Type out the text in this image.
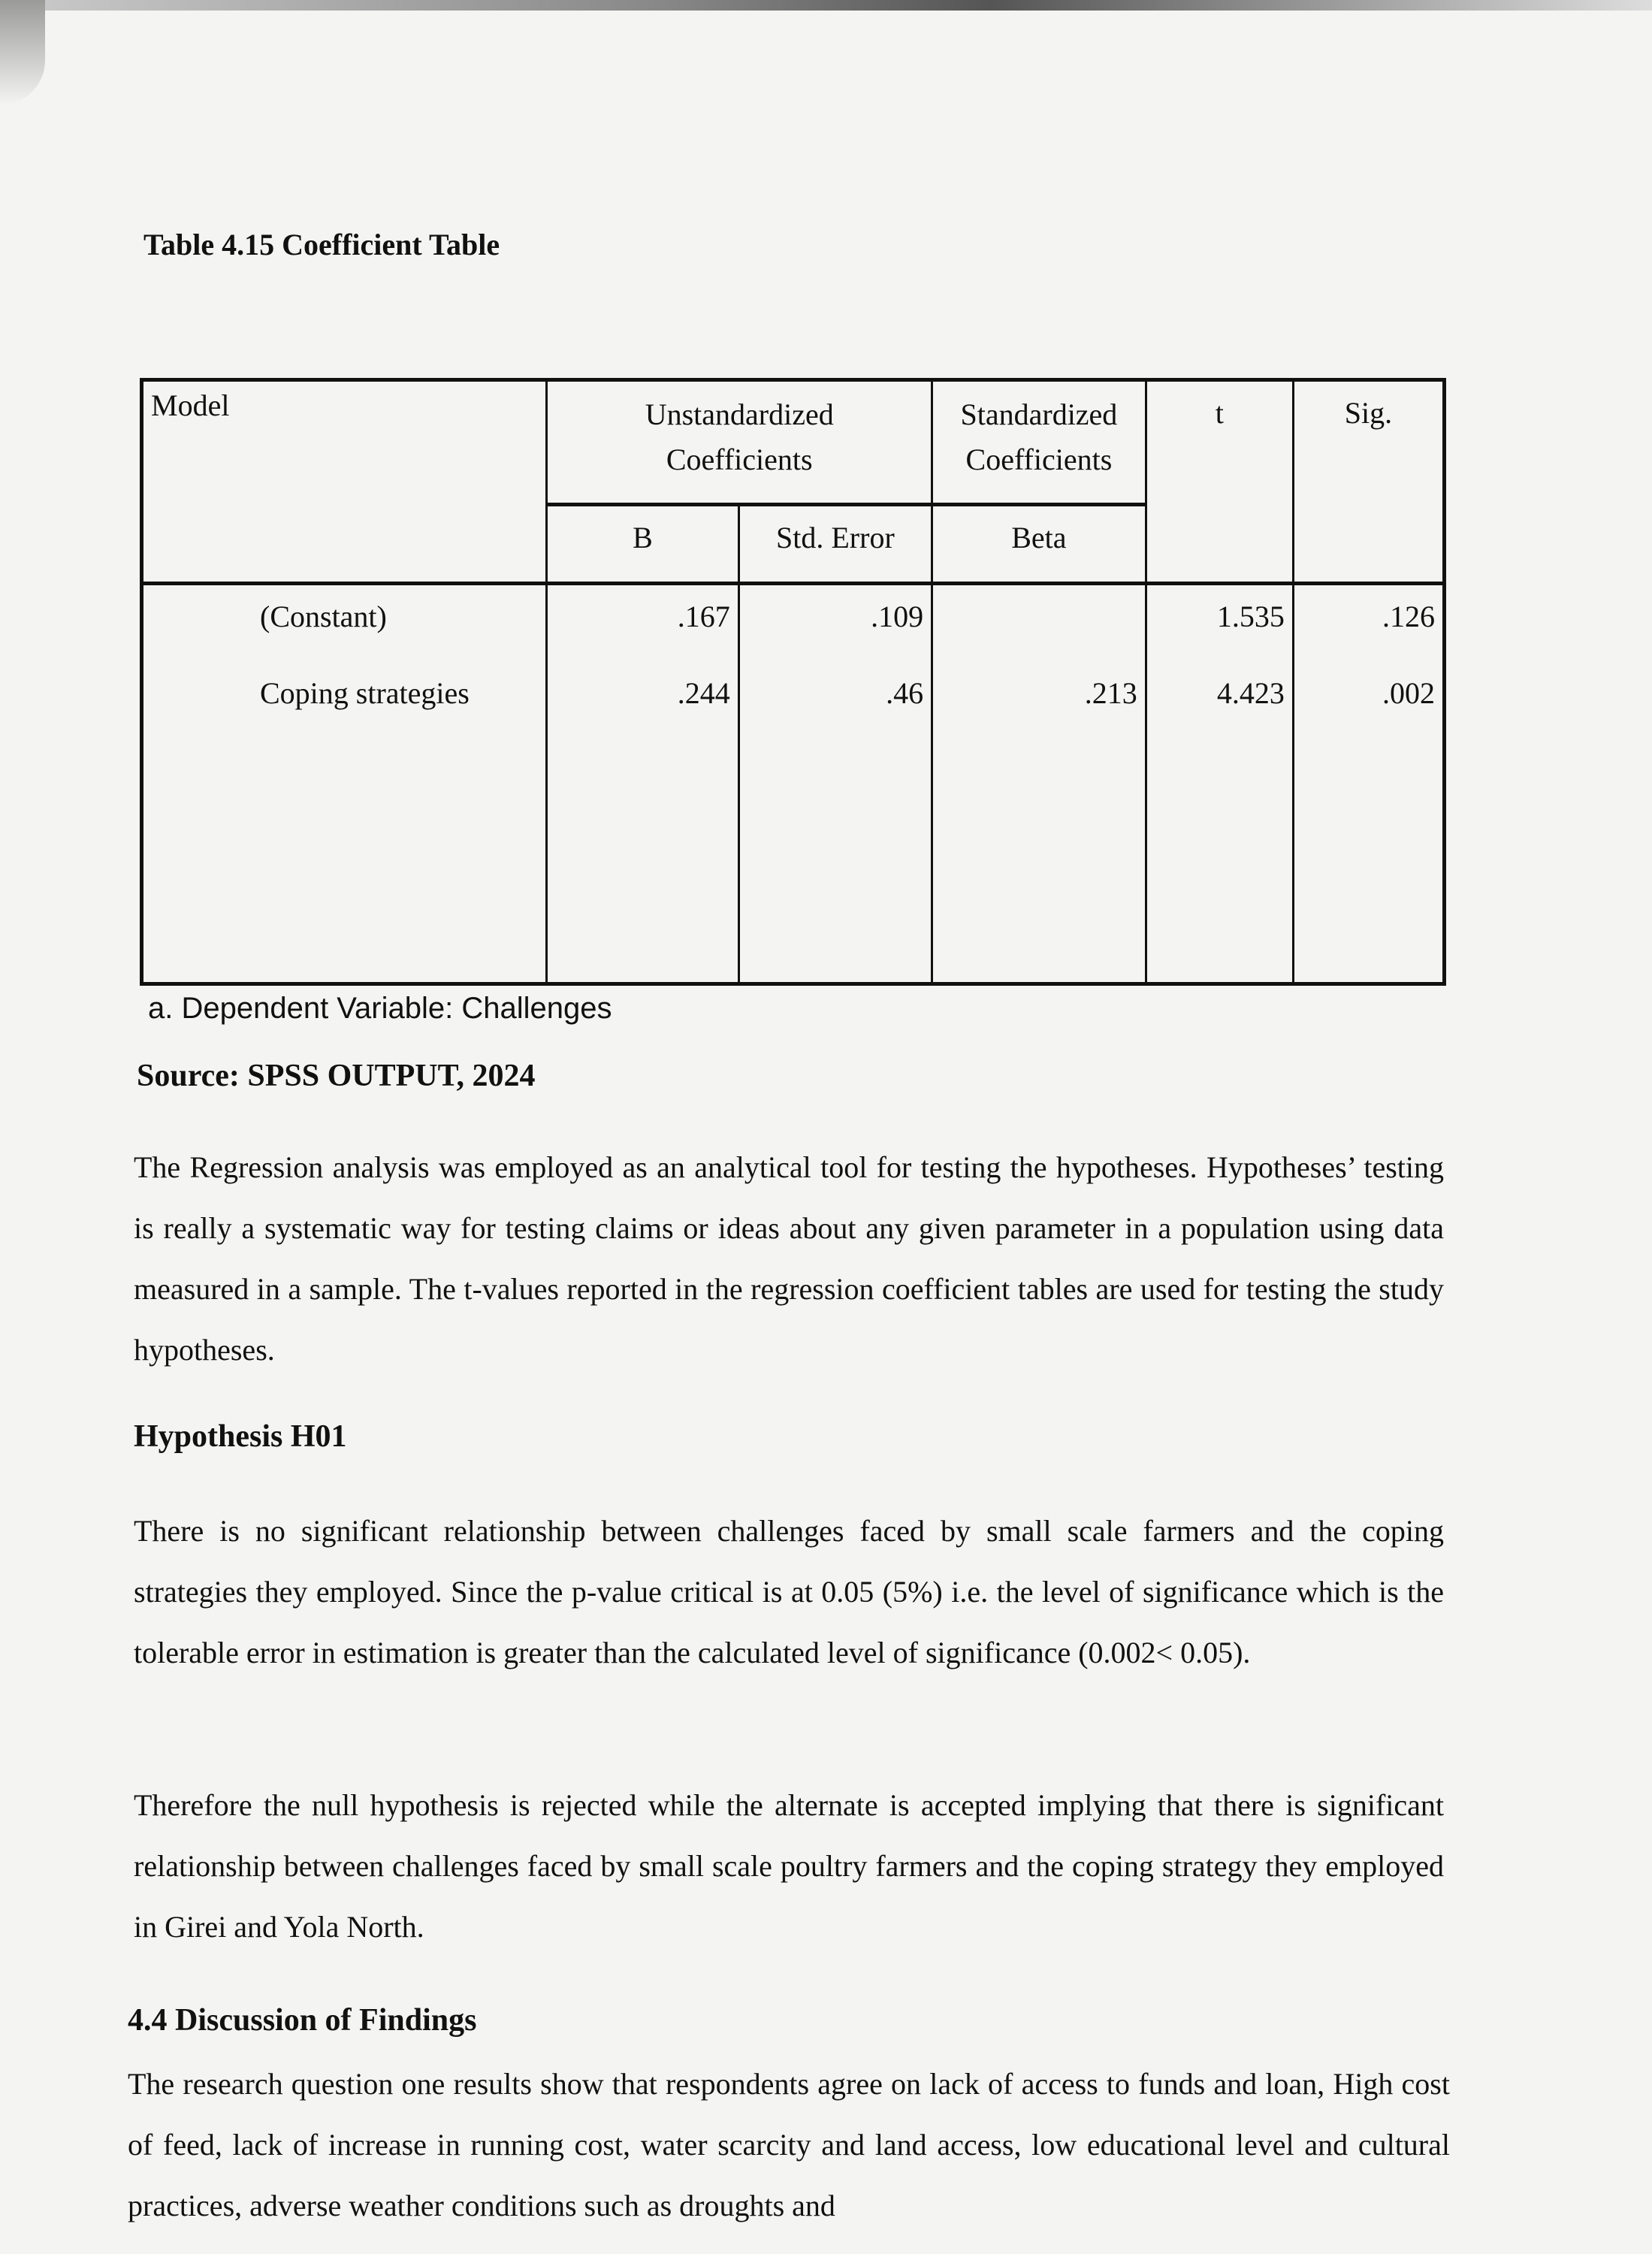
Table 4.15 Coefficient Table
Model	Unstandardized Coefficients		Standardized Coefficients	t	Sig.
	B	Std. Error	Beta		
(Constant)	.167	.109		1.535	.126
Coping strategies	.244	.46	.213	4.423	.002
a. Dependent Variable: Challenges
Source: SPSS OUTPUT, 2024
The Regression analysis was employed as an analytical tool for testing the hypotheses. Hypotheses’ testing is really a systematic way for testing claims or ideas about any given parameter in a population using data measured in a sample. The t-values reported in the regression coefficient tables are used for testing the study hypotheses.
Hypothesis H01
There is no significant relationship between challenges faced by small scale farmers and the coping strategies they employed. Since the p-value critical is at 0.05 (5%) i.e. the level of significance which is the tolerable error in estimation is greater than the calculated level of significance (0.002< 0.05).
Therefore the null hypothesis is rejected while the alternate is accepted implying that there is significant relationship between challenges faced by small scale poultry farmers and the coping strategy they employed in Girei and Yola North.
4.4 Discussion of Findings
The research question one results show that respondents agree on lack of access to funds and loan, High cost of feed, lack of increase in running cost, water scarcity and land access, low educational level and cultural practices, adverse weather conditions such as droughts and
